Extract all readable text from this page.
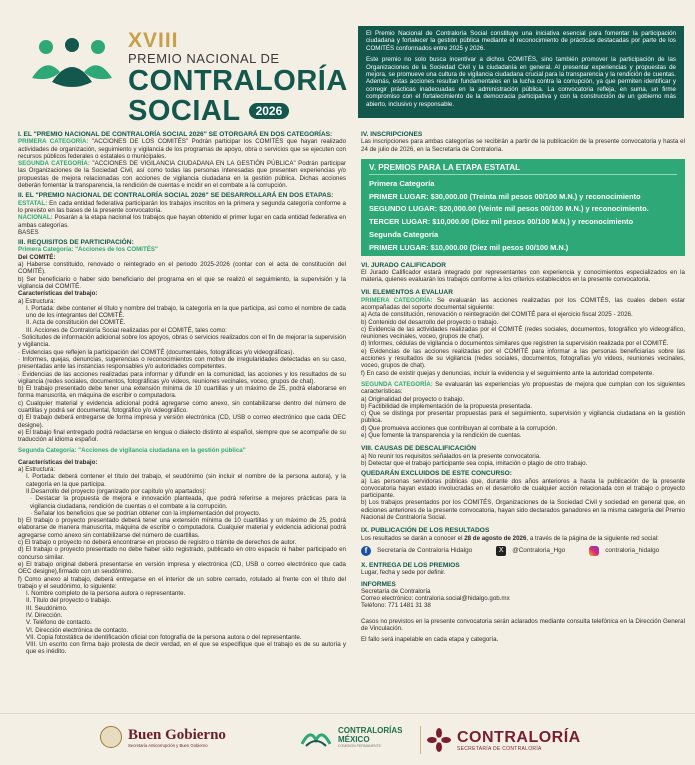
XVIII
PREMIO NACIONAL DE
CONTRALORÍA
SOCIAL	2026

El Premio Nacional de Contraloría Social constituye una iniciativa esencial para fomentar la participación ciudadana y fortalecer la gestión pública mediante el reconocimiento de prácticas destacadas por parte de los COMITÉS conformados entre 2025 y 2026.

Este premio no solo busca incentivar a dichos COMITÉS, sino también promover la participación de las Organizaciones de la Sociedad Civil y la ciudadanía en general. Al presentar experiencias y propuestas de mejora, se promueve una cultura de vigilancia ciudadana crucial para la transparencia y la rendición de cuentas. Además, estas acciones resultan fundamentales en la lucha contra la corrupción, ya que permiten identificar y corregir prácticas inadecuadas en la administración pública. La convocatoria refleja, en suma, un firme compromiso con el fortalecimiento de la democracia participativa y con la construcción de un gobierno más abierto, inclusivo y responsable.

I. EL "PREMIO NACIONAL DE CONTRALORÍA SOCIAL 2026" SE OTORGARÁ EN DOS CATEGORÍAS:
PRIMERA CATEGORÍA: "ACCIONES DE LOS COMITÉS" Podrán participar los COMITÉS que hayan realizado actividades de organización, seguimiento y vigilancia de los programas de apoyo, obra o servicios que se ejecuten con recursos públicos federales o estatales o municipales.
SEGUNDA CATEGORÍA: "ACCIONES DE VIGILANCIA CIUDADANA EN LA GESTIÓN PÚBLICA" Podrán participar las Organizaciones de la Sociedad Civil, así como todas las personas interesadas que presenten experiencias y/o propuestas de mejora relacionadas con acciones de vigilancia ciudadana en la gestión pública. Dichas acciones deberán fomentar la transparencia, la rendición de cuentas e incidir en el combate a la corrupción.
II. EL "PREMIO NACIONAL DE CONTRALORÍA SOCIAL 2026" SE DESARROLLARÁ EN DOS ETAPAS:
ESTATAL: En cada entidad federativa participarán los trabajos inscritos en la primera y segunda categoría conforme a lo previsto en las bases de la presente convocatoria.
NACIONAL: Posarán a la etapa nacional los trabajos que hayan obtenido el primer lugar en cada entidad federativa en ambas categorías.
BASES
III. REQUISITOS DE PARTICIPACIÓN:
Primera Categoría: "Acciones de los COMITÉS"
Del COMITÉ:
a) Haberse constituido, renovado o reintegrado en el periodo 2025-2026 (contar con el acta de constitución del COMITÉ).
b) Ser beneficiario o haber sido beneficiario del programa en el que se realizó el seguimiento, la supervisión y la vigilancia del COMITÉ.
Características del trabajo:
a) Estructura:
I. Portada: debe contener el título y nombre del trabajo, la categoría en la que participa, así como el nombre de cada uno de los integrantes del COMITÉ.
II. Acta de constitución del COMITÉ.
III. Acciones de Contraloría Social realizadas por el COMITÉ, tales como:
· Solicitudes de información adicional sobre los apoyos, obras o servicios realizados con el fin de mejorar la supervisión y vigilancia.
· Evidencias que reflejen la participación del COMITÉ (documentales, fotográficas y/o videográficas).
· Informes, quejas, denuncias, sugerencias o reconocimientos con motivo de irregularidades detectadas en su caso, presentadas ante las instancias responsables y/o autoridades competentes.
· Evidencias de las acciones realizadas para informar y difundir en la comunidad, las acciones y los resultados de su vigilancia (redes sociales, documentos, fotográficas y/o videos, reuniones vecinales, voceo, grupos de chat).
b) El trabajo presentado debe tener una extensión mínima de 10 cuartillas y un máximo de 25, podrá elaborarse en forma manuscrita, en máquina de escribir o computadora.
c) Cualquier material y evidencia adicional podrá agregarse como anexo, sin contabilizarse dentro del número de cuartillas y podrá ser documental, fotográfico y/o videográfico.
d) El trabajo deberá entregarse de forma impresa y versión electrónica (CD, USB o correo electrónico que cada OEC designe).
e) El trabajo final entregado podrá redactarse en lengua o dialecto distinto al español, siempre que se acompañe de su traducción al idioma español.
Segunda Categoría: "Acciones de vigilancia ciudadana en la gestión pública"
Características del trabajo:
a) Estructura:
I. Portada: deberá contener el título del trabajo, el seudónimo (sin incluir el nombre de la persona autora), y la categoría en la que participa.
II.Desarrollo del proyecto (organizado por capítulo y/o apartados):
· Destacar la propuesta de mejora e innovación planteada, que podrá referirse a mejores prácticas para la vigilancia ciudadana, rendición de cuentas o el combate a la corrupción.
· Señalar los beneficios que se podrían obtener con la implementación del proyecto.
b) El trabajo o proyecto presentado deberá tener una extensión mínima de 10 cuartillas y un máximo de 25, podrá elaborarse de manera manuscrita, máquina de escribir o computadora. Cualquier material y evidencia adicional podrá agregarse como anexo sin contabilizarse del número de cuartillas.
c) El trabajo o proyecto no deberá encontrarse en proceso de registro o trámite de derechos de autor.
d) El trabajo o proyecto presentado no debe haber sido registrado, publicado en otro espacio ni haber participado en concurso similar.
e) El trabajo original deberá presentarse en versión impresa y electrónica (CD, USB o correo electrónico que cada OEC designe),firmado con un seudónimo.
f) Como anexo al trabajo, deberá entregarse en el interior de un sobre cerrado, rotulado al frente con el título del trabajo y el seudónimo, lo siguiente:
I. Nombre completo de la persona autora o representante.
II. Título del proyecto o trabajo.
III. Seudónimo.
IV. Dirección.
V. Teléfono de contacto.
VI. Dirección electrónica de contacto.
VII. Copia fotostática de identificación oficial con fotografía de la persona autora o del representante.
VIII. Un escrito con firma bajo protesta de decir verdad, en el que se especifique que el trabajo es de su autoría y que es inédito.
IV. INSCRIPCIONES
Las inscripciones para ambas categorías se recibirán a partir de la publicación de la presente convocatoria y hasta el 24 de julio de 2026, en la Secretaría de Contraloría.
V. PREMIOS PARA LA ETAPA ESTATAL
Primera Categoría
PRIMER LUGAR: $30,000.00 (Treinta mil pesos 00/100 M.N.) y reconocimiento
SEGUNDO LUGAR: $20,000.00 (Veinte mil pesos 00/100 M.N.) y reconocimiento.
TERCER LUGAR: $10,000.00 (Diez mil pesos 00/100 M.N.) y reconocimiento
Segunda Categoría
PRIMER LUGAR: $10,000.00 (Diez mil pesos 00/100 M.N.)
VI. JURADO CALIFICADOR
El Jurado Calificador estará integrado por representantes con experiencia y conocimientos especializados en la materia, quienes evaluarán los trabajos conforme a los criterios establecidos en la presente convocatoria.
VII. ELEMENTOS A EVALUAR
PRIMERA CATEGORÍA: Se evaluarán las acciones realizadas por los COMITÉS, las cuales deben estar acompañadas del soporte documental siguiente:
a) Acta de constitución, renovación o reintegración del COMITÉ para el ejercicio fiscal 2025 - 2026.
b) Contenido del desarrollo del proyecto o trabajo.
c) Evidencia de las actividades realizadas por el COMITÉ (redes sociales, documentos, fotográfico y/o videográfico, reuniones vecinales, voceo, grupos de chat).
d) Informes, cédulas de vigilancia o documentos similares que registren la supervisión realizada por el COMITÉ.
e) Evidencias de las acciones realizadas por el COMITÉ para informar a las personas beneficiarias sobre las acciones y resultados de su vigilancia (redes sociales, documentos, fotografías y/o videos, reuniones vecinales, voceo, grupos de chat).
f) En caso de existir quejas y denuncias, incluir la evidencia y el seguimiento ante la autoridad competente.
SEGUNDA CATEGORÍA: Se evaluarán las experiencias y/o propuestas de mejora que cumplan con los siguientes características:
a) Originalidad del proyecto o trabajo.
b) Factibilidad de implementación de la propuesta presentada.
c) Que se distinga por presentar propuestas para el seguimiento, supervisión y vigilancia ciudadana en la gestión pública.
d) Que promueva acciones que contribuyan al combate a la corrupción.
e) Que fomente la transparencia y la rendición de cuentas.
VIII. CAUSAS DE DESCALIFICACIÓN
a) No reunir los requisitos señalados en la presente convocatoria.
b) Detectar que el trabajo participante sea copia, imitación o plagio de otro trabajo.
QUEDARÁN EXCLUIDOS DE ESTE CONCURSO:
a) Las personas servidoras públicas que, durante dos años anteriores a hasta la publicación de la presente convocatoria hayan estado involucradas en el desarrollo de cualquier acción relacionada con el trabajo o proyecto participante.
b) Los trabajos presentados por los COMITÉS, Organizaciones de la Sociedad Civil y sociedad en general que, en ediciones anteriores de la presente convocatoria, hayan sido declarados ganadores en la misma categoría del Premio Nacional de Contraloría Social.
IX. PUBLICACIÓN DE LOS RESULTADOS
Los resultados se darán a conocer el 28 de agosto de 2026, a través de la página de la siguiente red social:
f	Secretaría de Contraloría Hidalgo	X	@Contraloria_Hgo	contraloria_hidalgo
X. ENTREGA DE LOS PREMIOS
Lugar, fecha y sede por definir.
INFORMES
Secretaría de Contraloría
Correo electrónico: contraloria.social@hidalgo.gob.mx
Teléfono: 771 1481 31 38
Casos no previstos en la presente convocatoria serán aclarados mediante consulta telefónica en la Dirección General de Vinculación.
El fallo será inapelable en cada etapa y categoría.
Buen Gobierno
Secretaría Anticorrupción y Buen Gobierno
CONTRALORÍAS
MÉXICO
COMISIÓN PERMANENTE
CONTRALORÍA
SECRETARÍA DE CONTRALORÍA
